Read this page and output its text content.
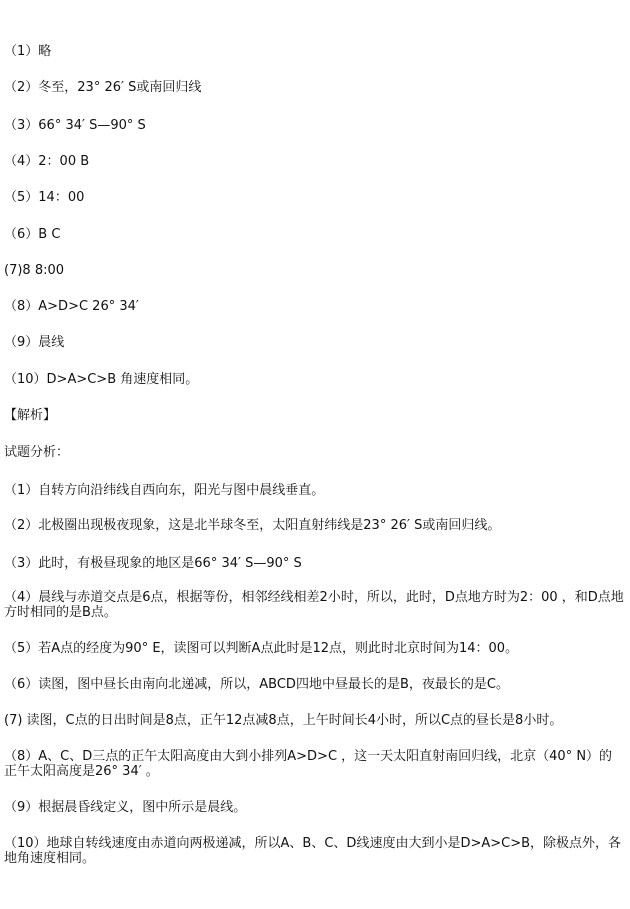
（1）略
（2）冬至，23° 26′ S或南回归线
（3）66° 34′ S—90° S
（4）2：00 B
（5）14：00
（6）B C
(7)8 8:00
（8）A>D>C 26° 34′
（9）晨线
（10）D>A>C>B 角速度相同。
【解析】
试题分析：
（1）自转方向沿纬线自西向东，阳光与图中晨线垂直。
（2）北极圈出现极夜现象，这是北半球冬至，太阳直射纬线是23° 26′ S或南回归线。
（3）此时，有极昼现象的地区是66° 34′ S—90° S
（4）晨线与赤道交点是6点，根据等份，相邻经线相差2小时，所以，此时，D点地方时为2：00 ，和D点地方时相同的是B点。
（5）若A点的经度为90° E，读图可以判断A点此时是12点，则此时北京时间为14：00。
（6）读图，图中昼长由南向北递减，所以，ABCD四地中昼最长的是B，夜最长的是C。
(7) 读图，C点的日出时间是8点，正午12点减8点，上午时间长4小时，所以C点的昼长是8小时。
（8）A、C、D三点的正午太阳高度由大到小排列A>D>C ，这一天太阳直射南回归线，北京（40° N）的正午太阳高度是26° 34′ 。
（9）根据晨昏线定义，图中所示是晨线。
（10）地球自转线速度由赤道向两极递减，所以A、B、C、D线速度由大到小是D>A>C>B，除极点外，各地角速度相同。
